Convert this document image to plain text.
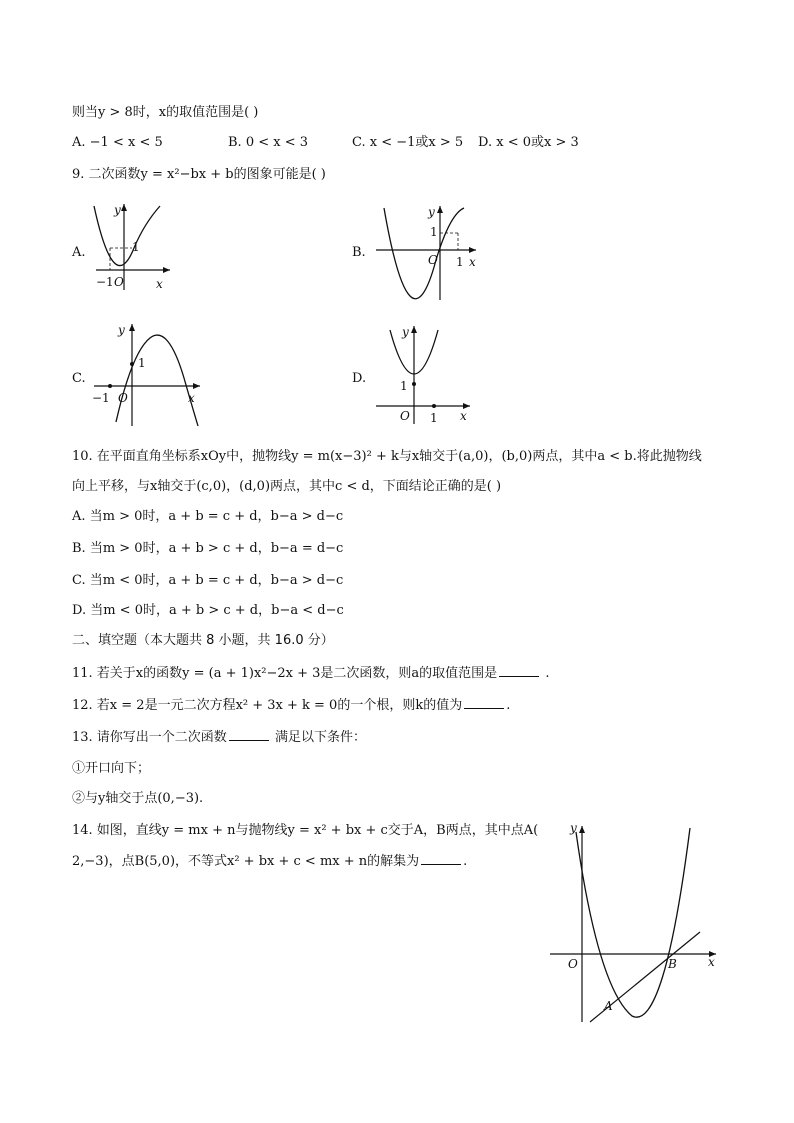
则当y > 8时，x的取值范围是( )
A. −1 < x < 5	B. 0 < x < 3	C. x < −1或x > 5 D. x < 0或x > 3
9. 二次函数y = x²−bx + b的图象可能是( )
A.
y
1
−1 O	x
B.
y
1
O 1 x
C.
y
1
−1 O	x
D.
y
1
O 1 x
10. 在平面直角坐标系xOy中，抛物线y = m(x−3)² + k与x轴交于(a,0)，(b,0)两点，其中a < b.将此抛物线
向上平移，与x轴交于(c,0)，(d,0)两点，其中c < d，下面结论正确的是( )
A. 当m > 0时，a + b = c + d，b−a > d−c
B. 当m > 0时，a + b > c + d，b−a = d−c
C. 当m < 0时，a + b = c + d，b−a > d−c
D. 当m < 0时，a + b > c + d，b−a < d−c
二、填空题（本大题共 8 小题，共 16.0 分）
11. 若关于x的函数y = (a + 1)x²−2x + 3是二次函数，则a的取值范围是	.
12. 若x = 2是一元二次方程x² + 3x + k = 0的一个根，则k的值为	.
13. 请你写出一个二次函数	满足以下条件：
①开口向下；
②与y轴交于点(0,−3).
14. 如图，直线y = mx + n与抛物线y = x² + bx + c交于A，B两点，其中点A(
2,−3)，点B(5,0)，不等式x² + bx + c < mx + n的解集为	.
y
O	B
A
x
